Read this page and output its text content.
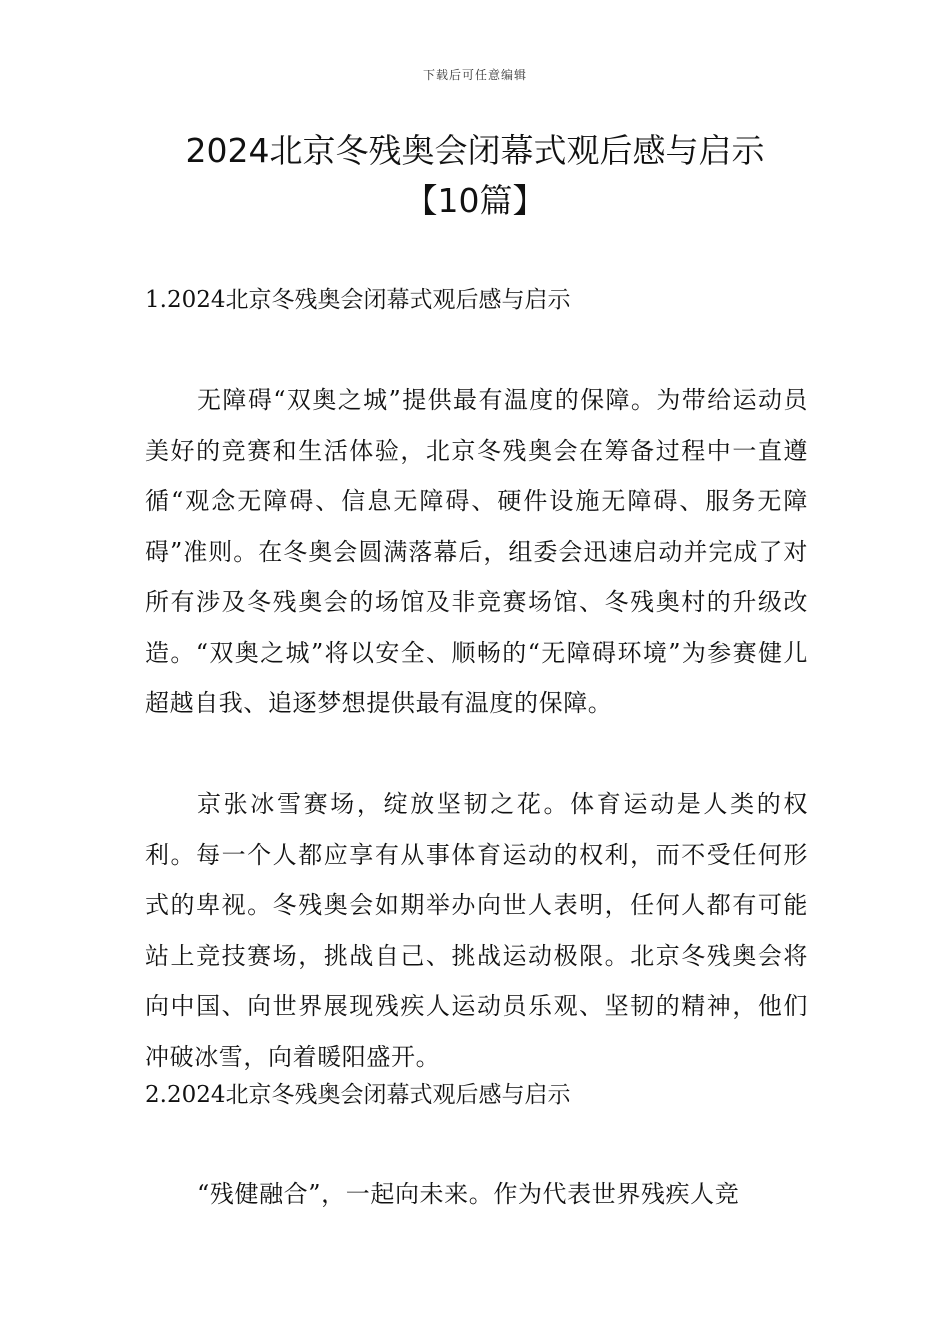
下载后可任意编辑
2024北京冬残奥会闭幕式观后感与启示
【10篇】
1.2024北京冬残奥会闭幕式观后感与启示

无障碍“双奥之城”提供最有温度的保障。为带给运动员美好的竞赛和生活体验，北京冬残奥会在筹备过程中一直遵循“观念无障碍、信息无障碍、硬件设施无障碍、服务无障碍”准则。在冬奥会圆满落幕后，组委会迅速启动并完成了对所有涉及冬残奥会的场馆及非竞赛场馆、冬残奥村的升级改造。“双奥之城”将以安全、顺畅的“无障碍环境”为参赛健儿超越自我、追逐梦想提供最有温度的保障。

京张冰雪赛场，绽放坚韧之花。体育运动是人类的权利。每一个人都应享有从事体育运动的权利，而不受任何形式的卑视。冬残奥会如期举办向世人表明，任何人都有可能站上竞技赛场，挑战自己、挑战运动极限。北京冬残奥会将向中国、向世界展现残疾人运动员乐观、坚韧的精神，他们冲破冰雪，向着暖阳盛开。

2.2024北京冬残奥会闭幕式观后感与启示

“残健融合”，一起向未来。作为代表世界残疾人竞
